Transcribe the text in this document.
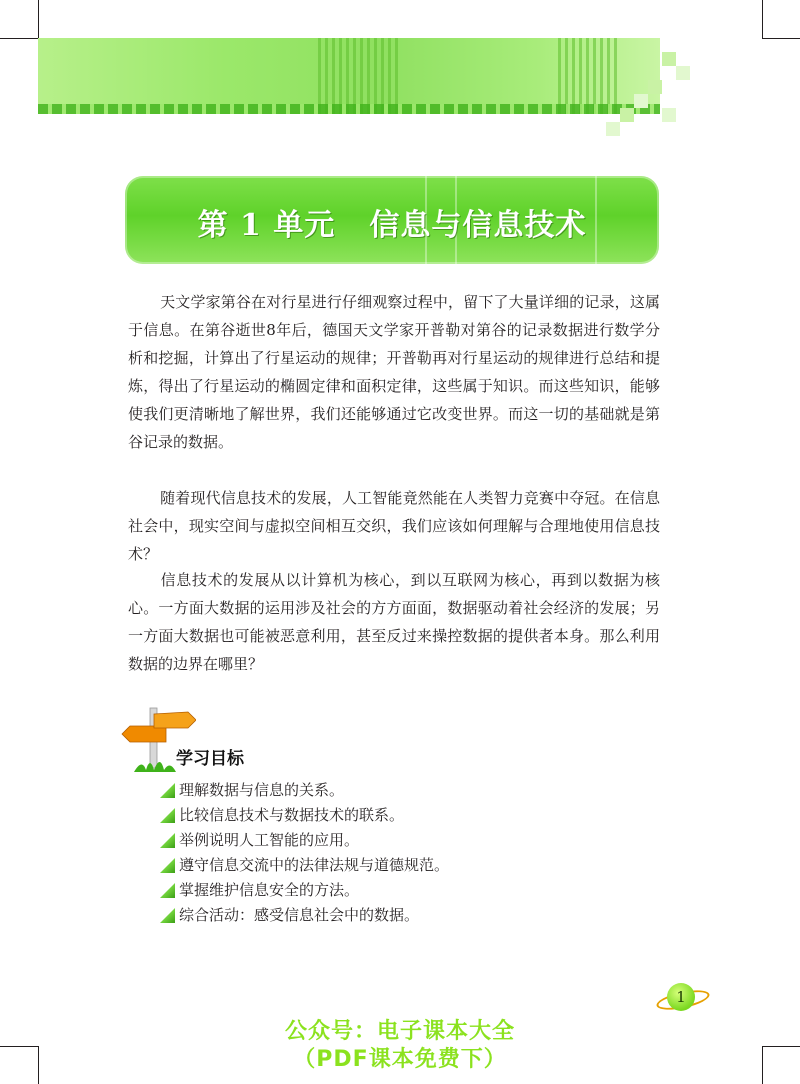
第 1 单元 信息与信息技术

天文学家第谷在对行星进行仔细观察过程中，留下了大量详细的记录，这属于信息。在第谷逝世8年后，德国天文学家开普勒对第谷的记录数据进行数学分析和挖掘，计算出了行星运动的规律；开普勒再对行星运动的规律进行总结和提炼，得出了行星运动的椭圆定律和面积定律，这些属于知识。而这些知识，能够使我们更清晰地了解世界，我们还能够通过它改变世界。而这一切的基础就是第谷记录的数据。

随着现代信息技术的发展，人工智能竟然能在人类智力竞赛中夺冠。在信息社会中，现实空间与虚拟空间相互交织，我们应该如何理解与合理地使用信息技术？

信息技术的发展从以计算机为核心，到以互联网为核心，再到以数据为核心。一方面大数据的运用涉及社会的方方面面，数据驱动着社会经济的发展；另一方面大数据也可能被恶意利用，甚至反过来操控数据的提供者本身。那么利用数据的边界在哪里？

学习目标
理解数据与信息的关系。
比较信息技术与数据技术的联系。
举例说明人工智能的应用。
遵守信息交流中的法律法规与道德规范。
掌握维护信息安全的方法。
综合活动：感受信息社会中的数据。
1
公众号：电子课本大全
（PDF课本免费下）
